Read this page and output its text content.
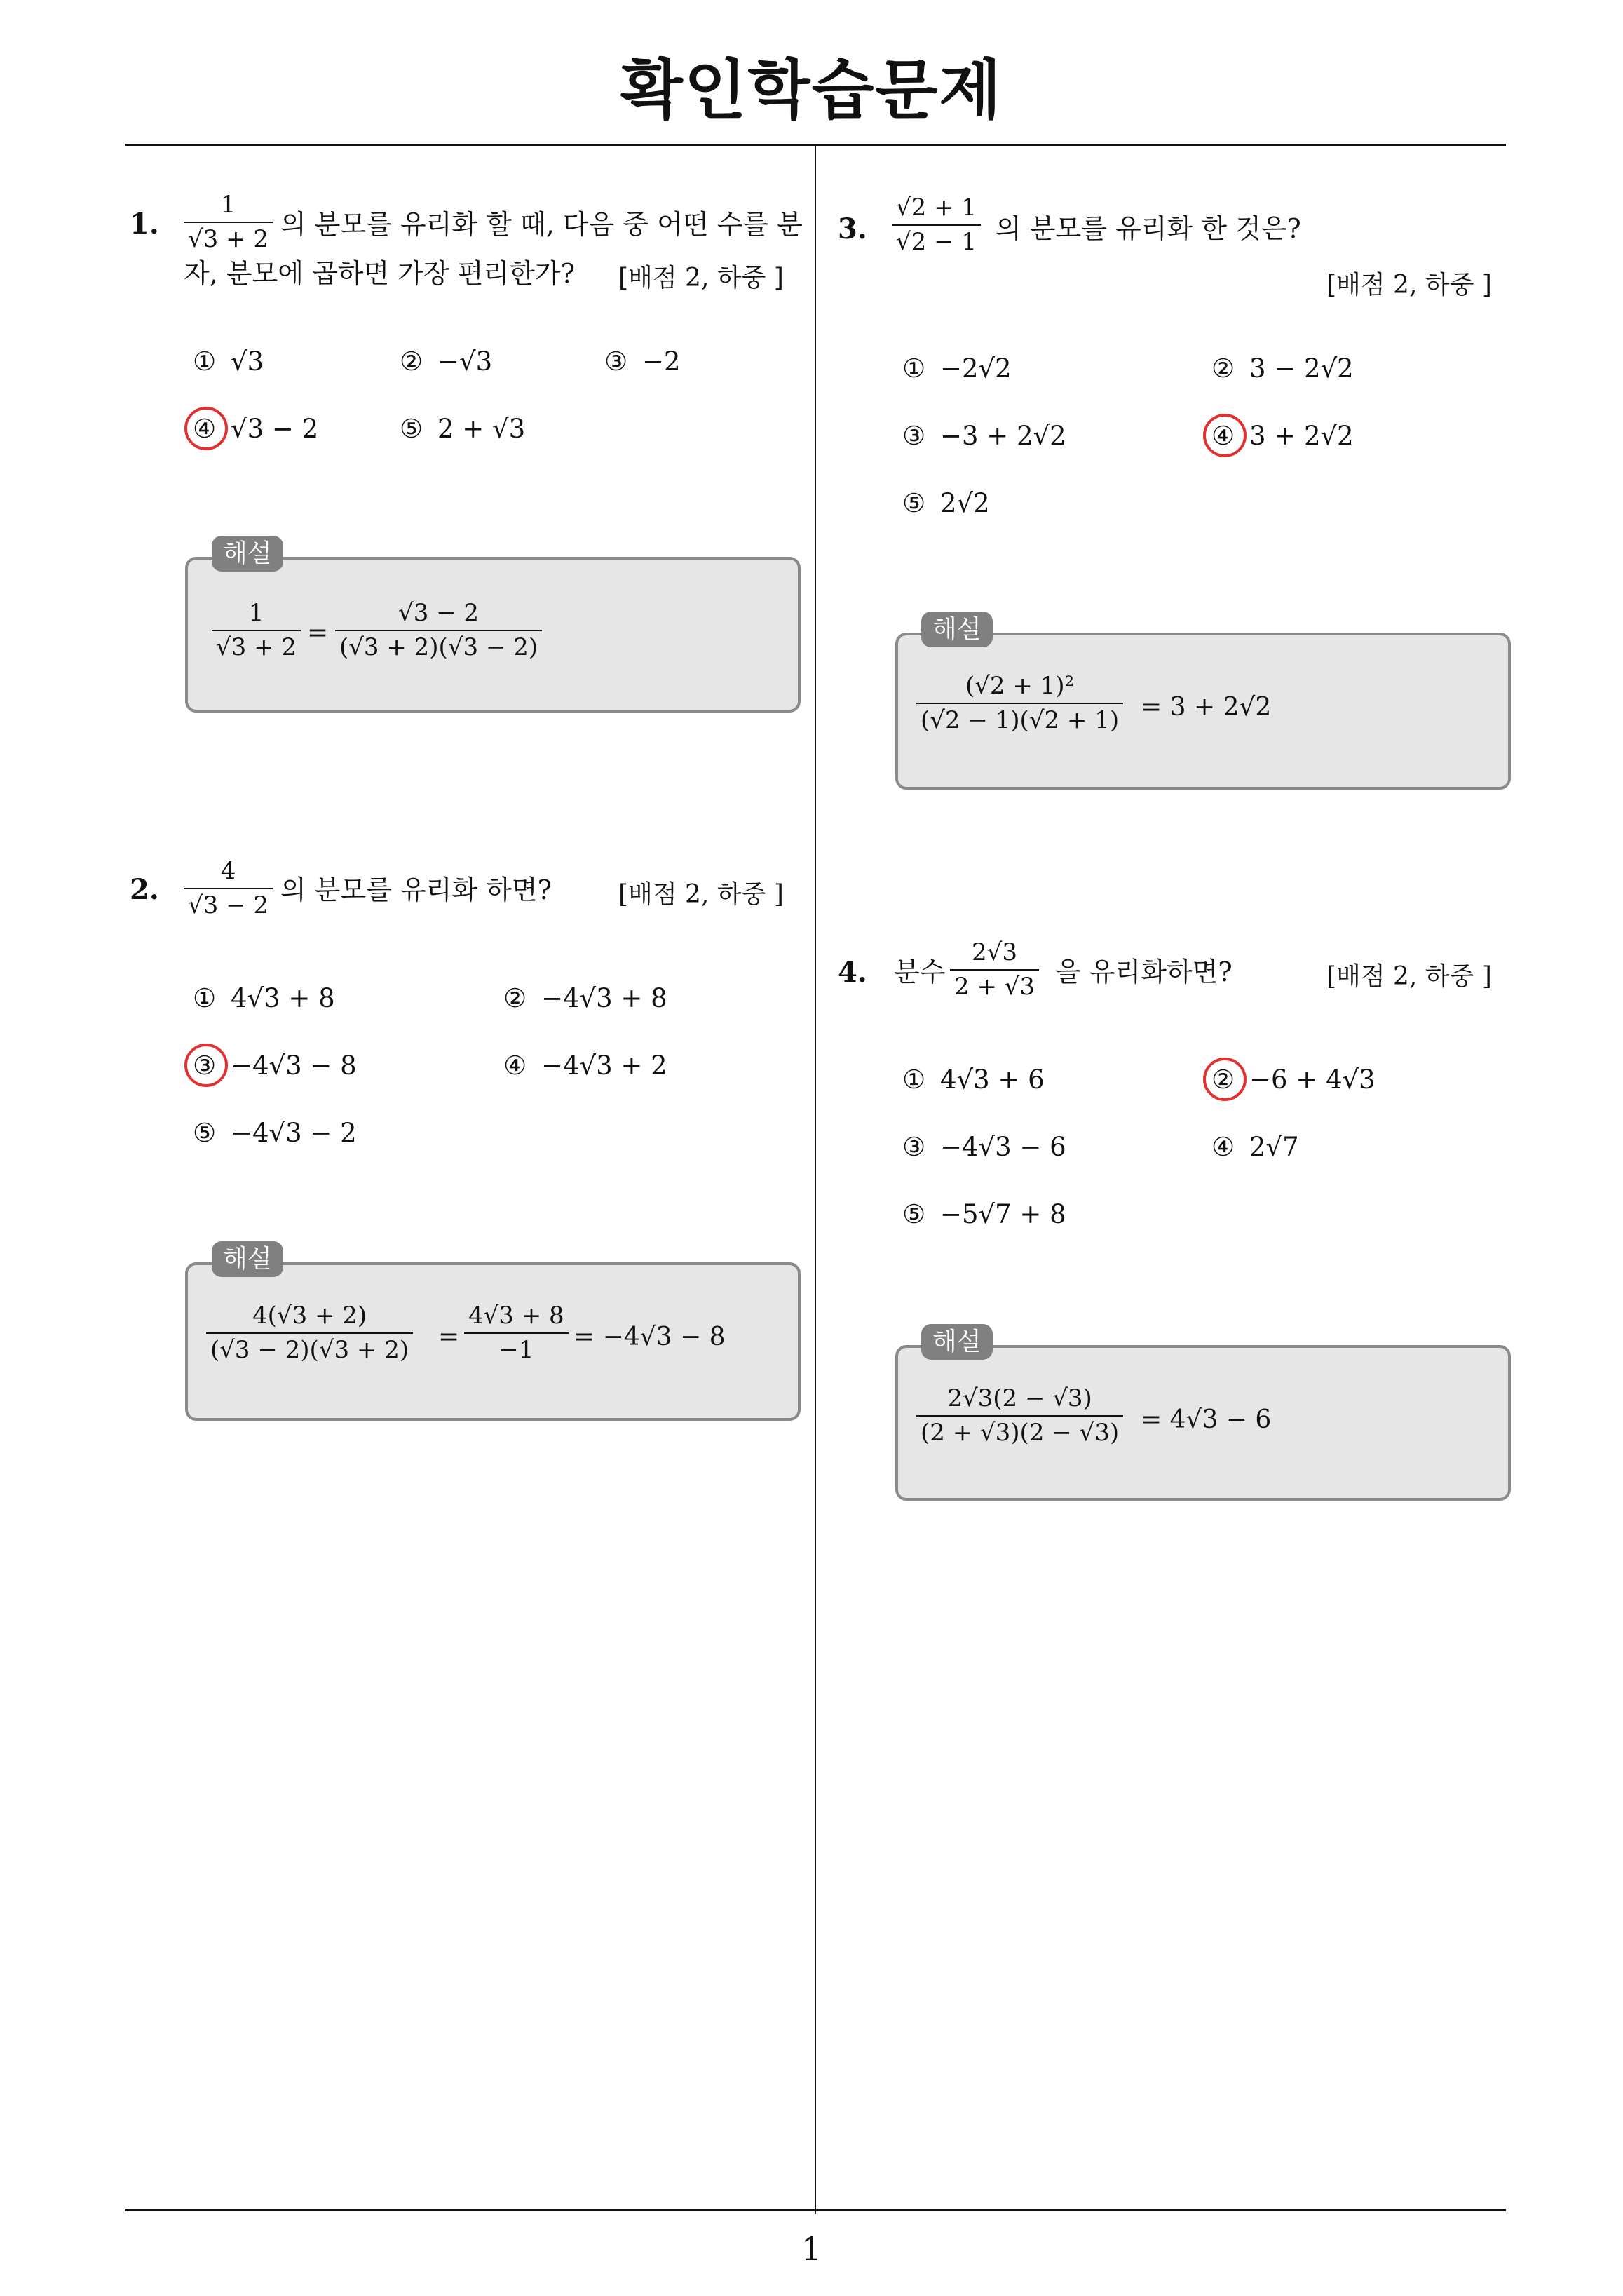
확인학습문제
1
1.
1
√3 + 2 의 분모를 유리화 할 때, 다음 중 어떤 수를 분
자, 분모에 곱하면 가장 편리한가? [배점 2, 하중 ]
① √3	② −√3	③ −2
④ √3 − 2	⑤ 2 + √3
1
√3 + 2 =
√3 − 2
(√3 + 2)(√3 − 2)
해설
2.
4
√3 − 2 의 분모를 유리화 하면?	[배점 2, 하중 ]
① 4√3 + 8	② −4√3 + 8
③ −4√3 − 8	④ −4√3 + 2
⑤ −4√3 − 2
4(√3 + 2)
(√3 − 2)(√3 + 2) =
4√3 + 8
−1 = −4√3 − 8
해설
3.
√2 + 1
√2 − 1 의 분모를 유리화 한 것은?
[배점 2, 하중 ]
① −2√2	② 3 − 2√2
③ −3 + 2√2	④ 3 + 2√2
⑤ 2√2
(√2 + 1)²
(√2 − 1)(√2 + 1) = 3 + 2√2
해설
4. 분수
2√3
2 + √3 을 유리화하면?	[배점 2, 하중 ]
① 4√3 + 6	② −6 + 4√3
③ −4√3 − 6	④ 2√7
⑤ −5√7 + 8
2√3(2 − √3)
(2 + √3)(2 − √3) = 4√3 − 6
해설
